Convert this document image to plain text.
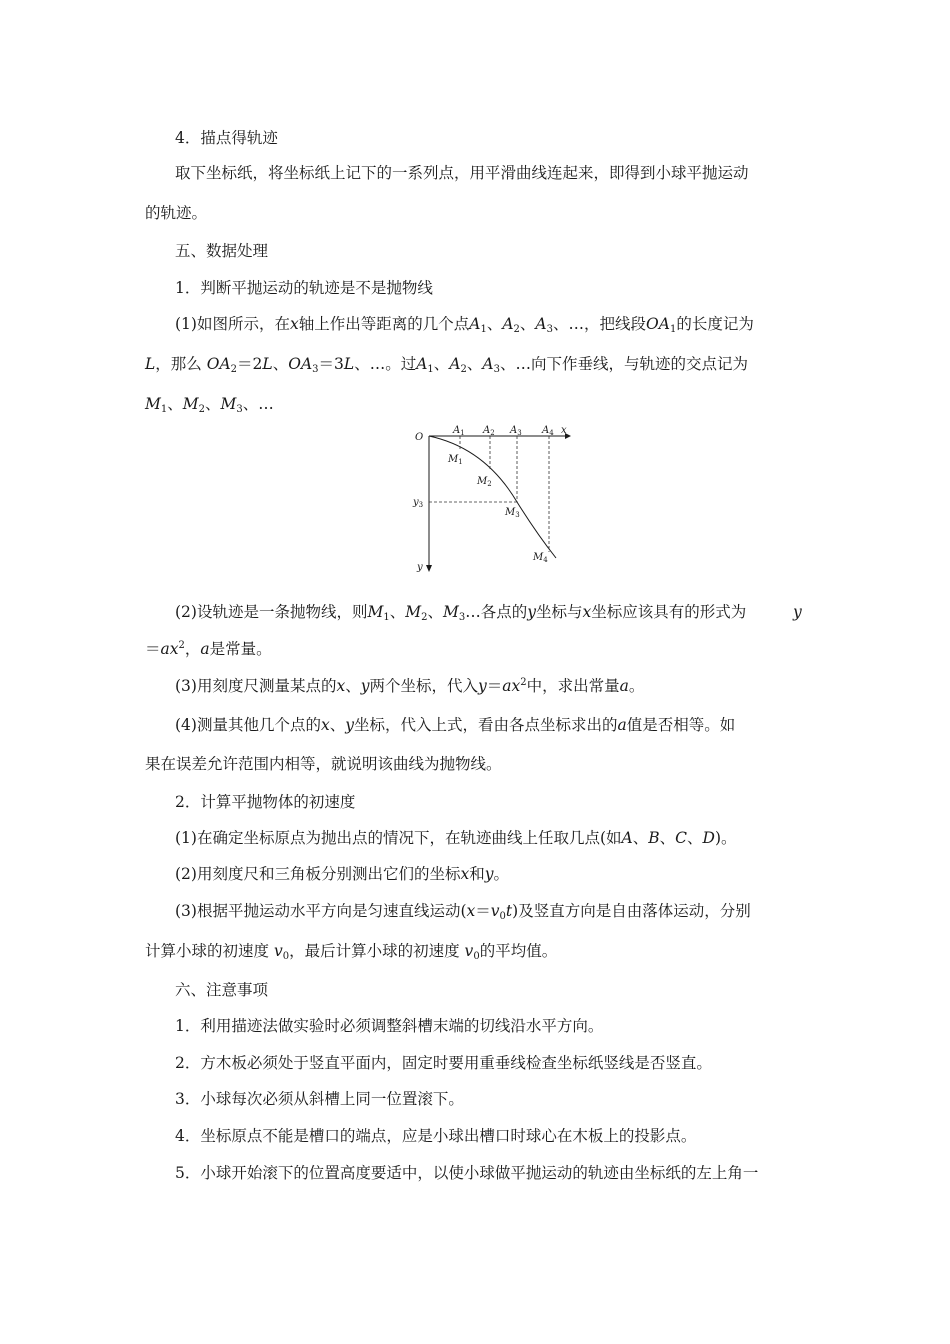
4．描点得轨迹
取下坐标纸，将坐标纸上记下的一系列点，用平滑曲线连起来，即得到小球平抛运动
的轨迹。
五、数据处理
1．判断平抛运动的轨迹是不是抛物线
(1)如图所示，在x轴上作出等距离的几个点$A_1$、$A_2$、$A_3$、…，把线段$OA_1$的长度记为
L，那么 $OA_2=2L$、$OA_3=3L$、…。过$A_1$、$A_2$、$A_3$、…向下作垂线，与轨迹的交点记为
$M_1$、$M_2$、$M_3$、…
O
x
y
$A_1$ $A_2$ $A_3$ $A_4$
$M_1$
$M_2$
$M_3$
$M_4$
$y_3$
(2)设轨迹是一条抛物线，则$M_1$、$M_2$、$M_3\dots$各点的y坐标与x坐标应该具有的形式为	y
$=ax^2$，a是常量。
(3)用刻度尺测量某点的x、y两个坐标，代入$y=ax^2$中，求出常量a。
(4)测量其他几个点的x、y坐标，代入上式，看由各点坐标求出的a值是否相等。如
果在误差允许范围内相等，就说明该曲线为抛物线。
2．计算平抛物体的初速度
(1)在确定坐标原点为抛出点的情况下，在轨迹曲线上任取几点(如A、B、C、D)。
(2)用刻度尺和三角板分别测出它们的坐标x和y。
(3)根据平抛运动水平方向是匀速直线运动$(x=v_0t)$及竖直方向是自由落体运动，分别
计算小球的初速度 $v_0$，最后计算小球的初速度 $v_0$的平均值。
六、注意事项
1．利用描迹法做实验时必须调整斜槽末端的切线沿水平方向。
2．方木板必须处于竖直平面内，固定时要用重垂线检查坐标纸竖线是否竖直。
3．小球每次必须从斜槽上同一位置滚下。
4．坐标原点不能是槽口的端点，应是小球出槽口时球心在木板上的投影点。
5．小球开始滚下的位置高度要适中，以使小球做平抛运动的轨迹由坐标纸的左上角一
